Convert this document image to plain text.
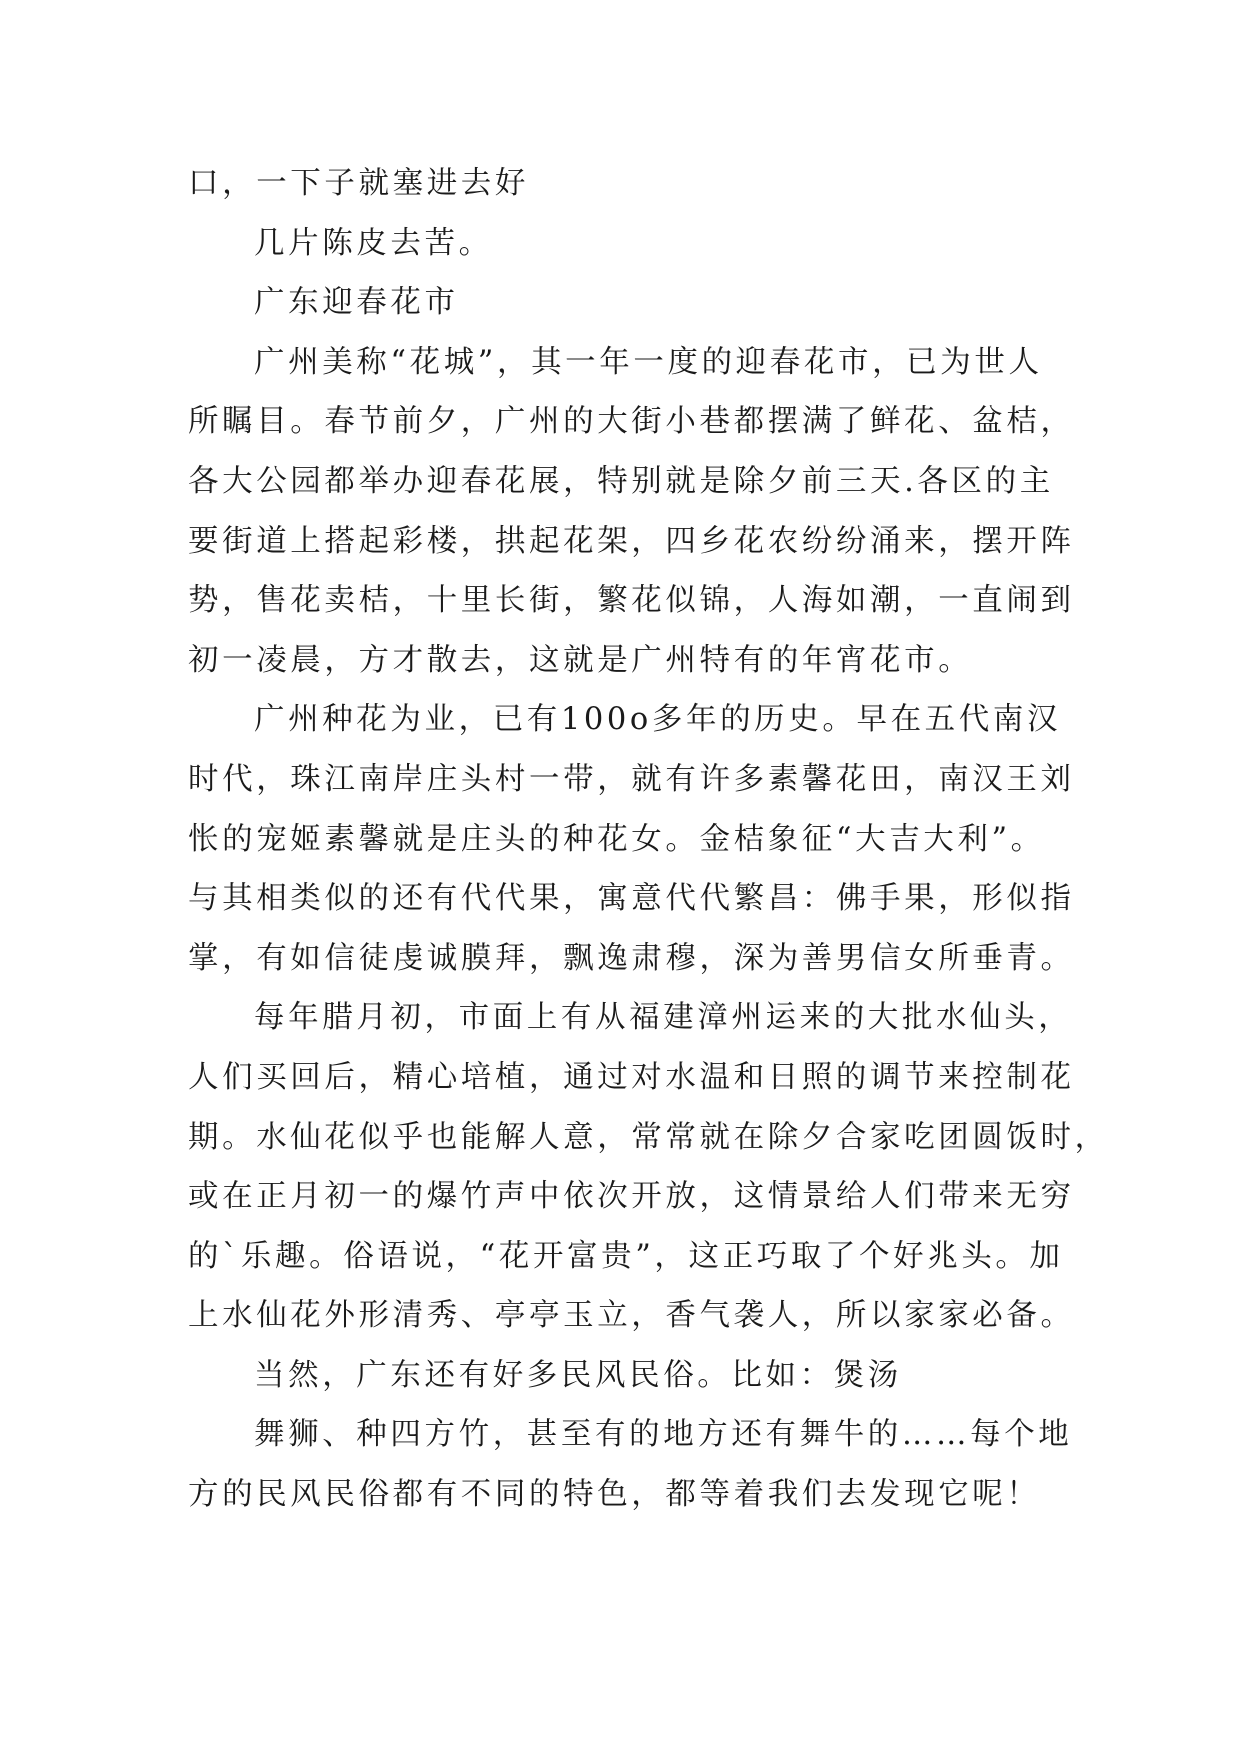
口，一下子就塞进去好
几片陈皮去苦。
广东迎春花市
广州美称“花城”，其一年一度的迎春花市，已为世人
所瞩目。春节前夕，广州的大街小巷都摆满了鲜花、盆桔，
各大公园都举办迎春花展，特别就是除夕前三天.各区的主
要街道上搭起彩楼，拱起花架，四乡花农纷纷涌来，摆开阵
势，售花卖桔，十里长街，繁花似锦，人海如潮，一直闹到
初一凌晨，方才散去，这就是广州特有的年宵花市。
广州种花为业，已有100o多年的历史。早在五代南汉
时代，珠江南岸庄头村一带，就有许多素馨花田，南汉王刘
怅的宠姬素馨就是庄头的种花女。金桔象征“大吉大利”。
与其相类似的还有代代果，寓意代代繁昌：佛手果，形似指
掌，有如信徒虔诚膜拜，飘逸肃穆，深为善男信女所垂青。
每年腊月初，市面上有从福建漳州运来的大批水仙头，
人们买回后，精心培植，通过对水温和日照的调节来控制花
期。水仙花似乎也能解人意，常常就在除夕合家吃团圆饭时，
或在正月初一的爆竹声中依次开放，这情景给人们带来无穷
的`乐趣。俗语说，“花开富贵”，这正巧取了个好兆头。加
上水仙花外形清秀、亭亭玉立，香气袭人，所以家家必备。
当然，广东还有好多民风民俗。比如：煲汤
舞狮、种四方竹，甚至有的地方还有舞牛的……每个地
方的民风民俗都有不同的特色，都等着我们去发现它呢！
